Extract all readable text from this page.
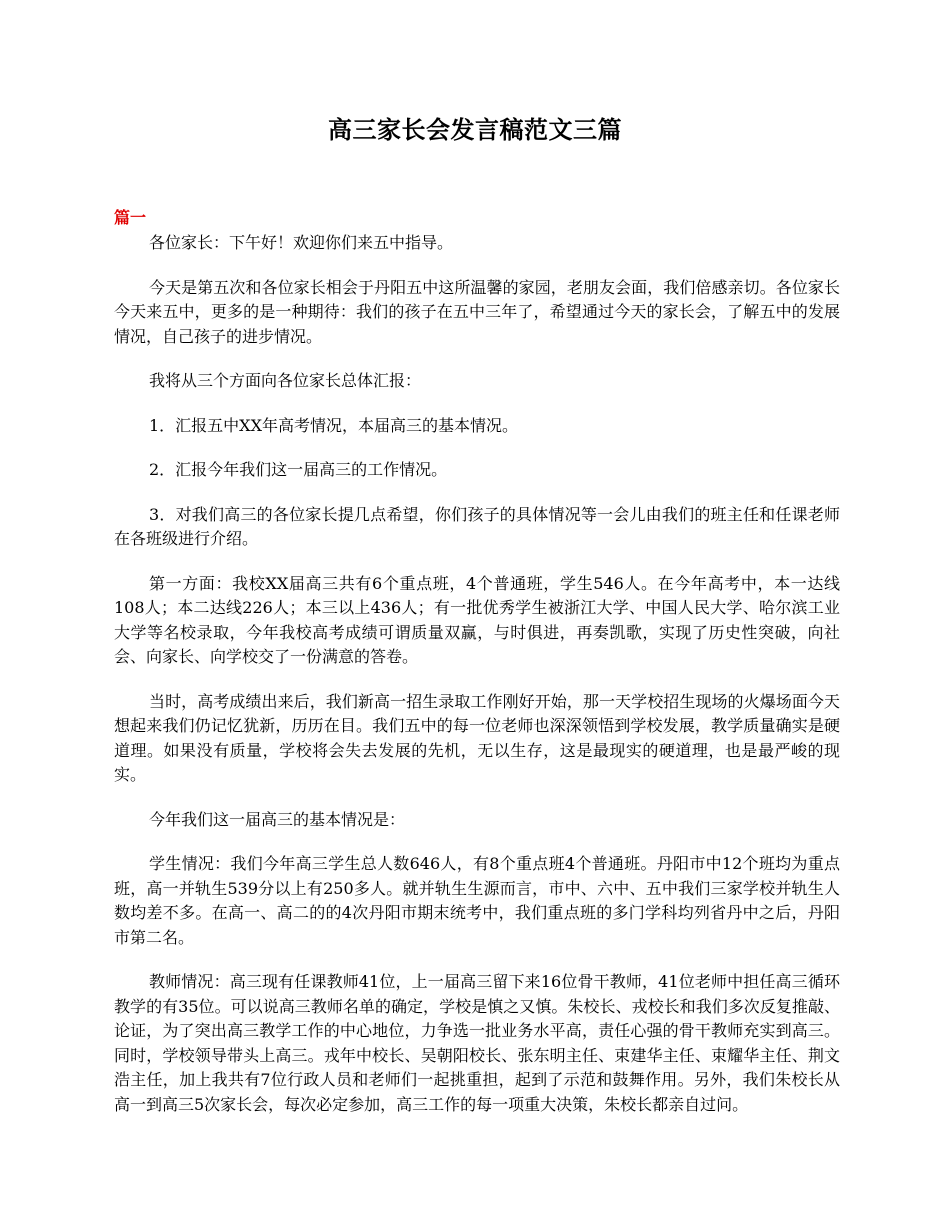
高三家长会发言稿范文三篇
篇一

各位家长：下午好！欢迎你们来五中指导。

今天是第五次和各位家长相会于丹阳五中这所温馨的家园，老朋友会面，我们倍感亲切。各位家长今天来五中，更多的是一种期待：我们的孩子在五中三年了，希望通过今天的家长会，了解五中的发展情况，自己孩子的进步情况。

我将从三个方面向各位家长总体汇报：

1．汇报五中XX年高考情况，本届高三的基本情况。

2．汇报今年我们这一届高三的工作情况。

3．对我们高三的各位家长提几点希望，你们孩子的具体情况等一会儿由我们的班主任和任课老师在各班级进行介绍。

第一方面：我校XX届高三共有6个重点班，4个普通班，学生546人。在今年高考中，本一达线108人；本二达线226人；本三以上436人；有一批优秀学生被浙江大学、中国人民大学、哈尔滨工业大学等名校录取，今年我校高考成绩可谓质量双赢，与时俱进，再奏凯歌，实现了历史性突破，向社会、向家长、向学校交了一份满意的答卷。

当时，高考成绩出来后，我们新高一招生录取工作刚好开始，那一天学校招生现场的火爆场面今天想起来我们仍记忆犹新，历历在目。我们五中的每一位老师也深深领悟到学校发展，教学质量确实是硬道理。如果没有质量，学校将会失去发展的先机，无以生存，这是最现实的硬道理，也是最严峻的现实。

今年我们这一届高三的基本情况是：

学生情况：我们今年高三学生总人数646人，有8个重点班4个普通班。丹阳市中12个班均为重点班，高一并轨生539分以上有250多人。就并轨生生源而言，市中、六中、五中我们三家学校并轨生人数均差不多。在高一、高二的的4次丹阳市期末统考中，我们重点班的多门学科均列省丹中之后，丹阳市第二名。

教师情况：高三现有任课教师41位，上一届高三留下来16位骨干教师，41位老师中担任高三循环教学的有35位。可以说高三教师名单的确定，学校是慎之又慎。朱校长、戎校长和我们多次反复推敲、论证，为了突出高三教学工作的中心地位，力争选一批业务水平高，责任心强的骨干教师充实到高三。同时，学校领导带头上高三。戎年中校长、吴朝阳校长、张东明主任、束建华主任、束耀华主任、荆文浩主任，加上我共有7位行政人员和老师们一起挑重担，起到了示范和鼓舞作用。另外，我们朱校长从高一到高三5次家长会，每次必定参加，高三工作的每一项重大决策，朱校长都亲自过问。
